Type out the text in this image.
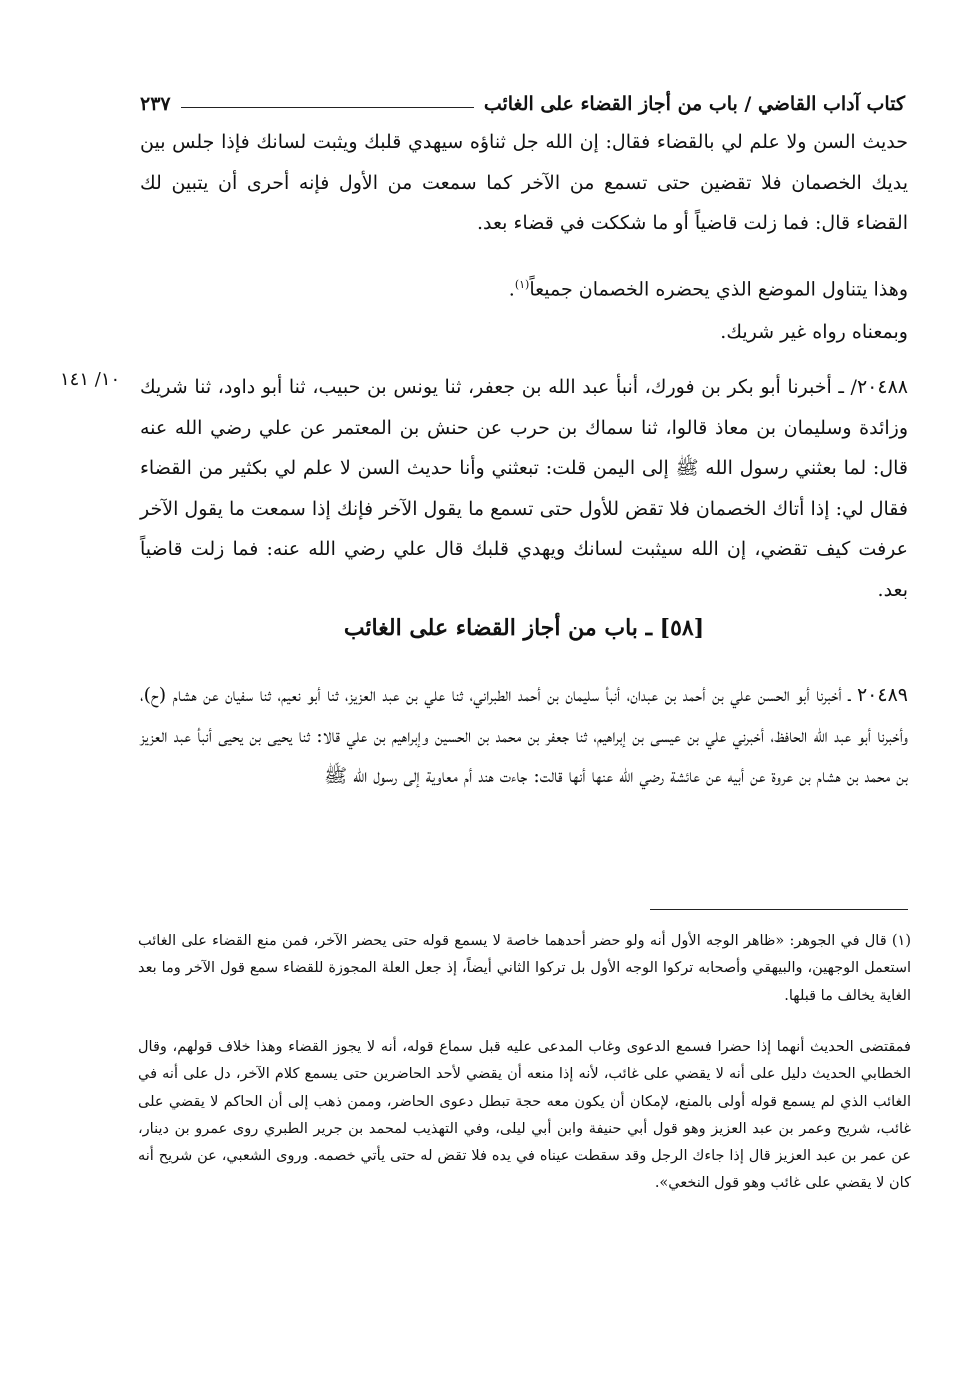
كتاب آداب القاضي / باب من أجاز القضاء على الغائب
٢٣٧

حديث السن ولا علم لي بالقضاء فقال: إن الله جل ثناؤه سيهدي قلبك ويثبت لسانك فإذا جلس بين يديك الخصمان فلا تقضين حتى تسمع من الآخر كما سمعت من الأول فإنه أحرى أن يتبين لك القضاء قال: فما زلت قاضياً أو ما شككت في قضاء بعد.

وهذا يتناول الموضع الذي يحضره الخصمان جميعاً$^{(١)}$.

وبمعناه رواه غير شريك.

٢٠٤٨٨/ ـ أخبرنا أبو بكر بن فورك، أنبأ عبد الله بن جعفر، ثنا يونس بن حبيب، ثنا أبو داود، ثنا شريك وزائدة وسليمان بن معاذ قالوا، ثنا سماك بن حرب عن حنش بن المعتمر عن علي رضي الله عنه قال: لما بعثني رسول الله ﷺ إلى اليمن قلت: تبعثني وأنا حديث السن لا علم لي بكثير من القضاء فقال لي: إذا أتاك الخصمان فلا تقض للأول حتى تسمع ما يقول الآخر فإنك إذا سمعت ما يقول الآخر عرفت كيف تقضي، إن الله سيثبت لسانك ويهدي قلبك قال علي رضي الله عنه: فما زلت قاضياً بعد.

١٠/ ١٤١
[٥٨] ـ باب من أجاز القضاء على الغائب

٢٠٤٨٩ ـ أخبرنا أبو الحسن علي بن أحمد بن عبدان، أنبأ سليمان بن أحمد الطبراني، ثنا علي بن عبد العزيز، ثنا أبو نعيم، ثنا سفيان عن هشام (ح)، وأخبرنا أبو عبد الله الحافظ، أخبرني علي بن عيسى بن إبراهيم، ثنا جعفر بن محمد بن الحسين وإبراهيم بن علي قالا: ثنا يحيى بن يحيى أنبأ عبد العزيز بن محمد بن هشام بن عروة عن أبيه عن عائشة رضي الله عنها أنها قالت: جاءت هند أم معاوية إلى رسول الله ﷺ

(١) قال في الجوهر: «ظاهر الوجه الأول أنه ولو حضر أحدهما خاصة لا يسمع قوله حتى يحضر الآخر، فمن منع القضاء على الغائب استعمل الوجهين، والبيهقي وأصحابه تركوا الوجه الأول بل تركوا الثاني أيضاً، إذ جعل العلة المجوزة للقضاء سمع قول الآخر وما بعد الغاية يخالف ما قبلها.

فمقتضى الحديث أنهما إذا حضرا فسمع الدعوى وغاب المدعى عليه قبل سماع قوله، أنه لا يجوز القضاء وهذا خلاف قولهم، وقال الخطابي الحديث دليل على أنه لا يقضي على غائب، لأنه إذا منعه أن يقضي لأحد الحاضرين حتى يسمع كلام الآخر، دل على أنه في الغائب الذي لم يسمع قوله أولى بالمنع، لإمكان أن يكون معه حجة تبطل دعوى الحاضر، وممن ذهب إلى أن الحاكم لا يقضي على غائب، شريح وعمر بن عبد العزيز وهو قول أبي حنيفة وابن أبي ليلى، وفي التهذيب لمحمد بن جرير الطبري روى عمرو بن دينار، عن عمر بن عبد العزيز قال إذا جاءك الرجل وقد سقطت عيناه في يده فلا تقض له حتى يأتي خصمه. وروى الشعبي، عن شريح أنه كان لا يقضي على غائب وهو قول النخعي».
